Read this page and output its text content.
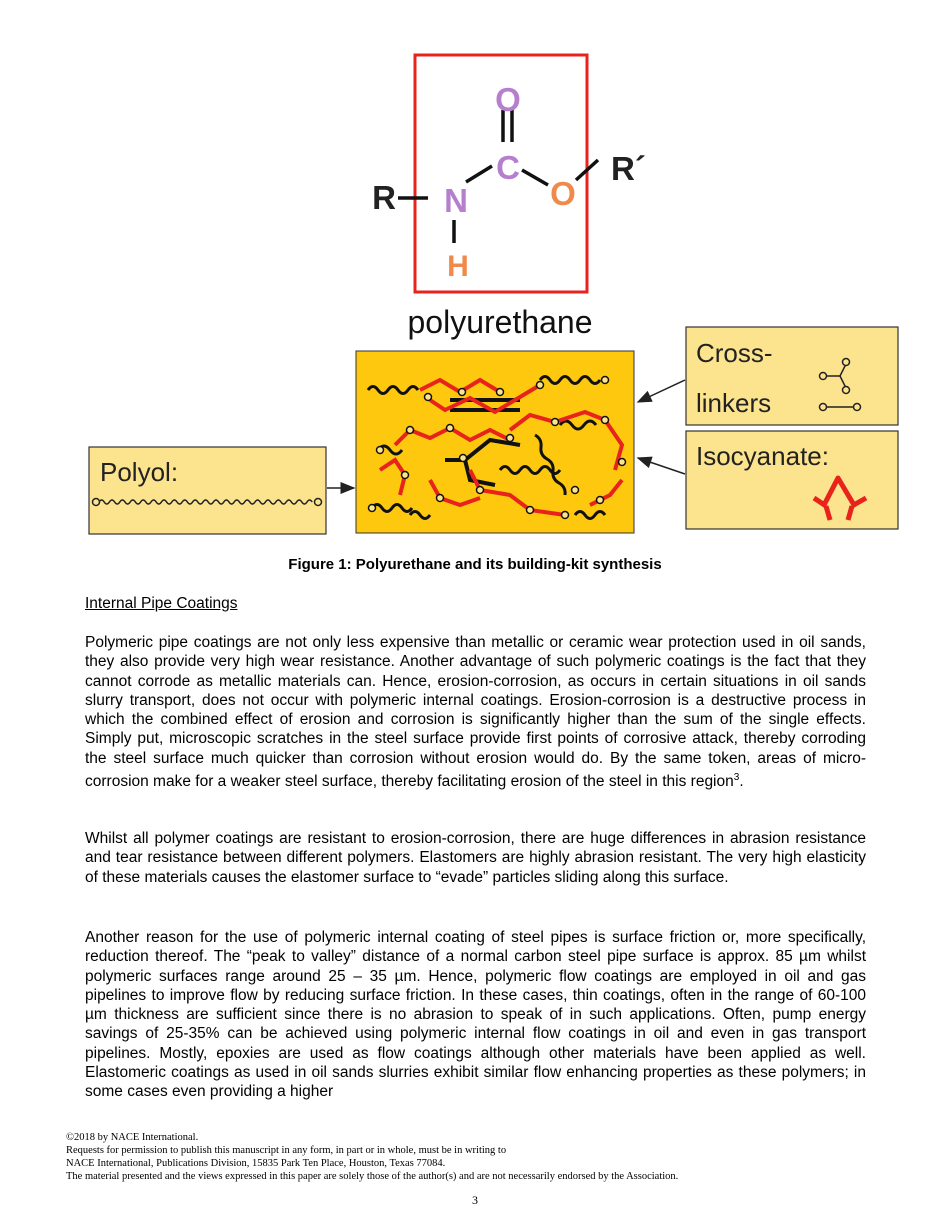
R N
H
C
O
O
R´
polyurethane
Cross-
linkers
Isocyanate:
Polyol:
Figure 1: Polyurethane and its building-kit synthesis
Internal Pipe Coatings

Polymeric pipe coatings are not only less expensive than metallic or ceramic wear protection used in oil sands, they also provide very high wear resistance. Another advantage of such polymeric coatings is the fact that they cannot corrode as metallic materials can. Hence, erosion-corrosion, as occurs in certain situations in oil sands slurry transport, does not occur with polymeric internal coatings. Erosion-corrosion is a destructive process in which the combined effect of erosion and corrosion is significantly higher than the sum of the single effects. Simply put, microscopic scratches in the steel surface provide first points of corrosive attack, thereby corroding the steel surface much quicker than corrosion without erosion would do. By the same token, areas of micro-corrosion make for a weaker steel surface, thereby facilitating erosion of the steel in this region$^3$.

Whilst all polymer coatings are resistant to erosion-corrosion, there are huge differences in abrasion resistance and tear resistance between different polymers. Elastomers are highly abrasion resistant. The very high elasticity of these materials causes the elastomer surface to “evade” particles sliding along this surface.

Another reason for the use of polymeric internal coating of steel pipes is surface friction or, more specifically, reduction thereof. The “peak to valley” distance of a normal carbon steel pipe surface is approx. 85 µm whilst polymeric surfaces range around 25 – 35 µm. Hence, polymeric flow coatings are employed in oil and gas pipelines to improve flow by reducing surface friction. In these cases, thin coatings, often in the range of 60-100 µm thickness are sufficient since there is no abrasion to speak of in such applications. Often, pump energy savings of 25-35% can be achieved using polymeric internal flow coatings in oil and even in gas transport pipelines. Mostly, epoxies are used as flow coatings although other materials have been applied as well. Elastomeric coatings as used in oil sands slurries exhibit similar flow enhancing properties as these polymers; in some cases even providing a higher

©2018 by NACE International.
Requests for permission to publish this manuscript in any form, in part or in whole, must be in writing to
NACE International, Publications Division, 15835 Park Ten Place, Houston, Texas 77084.
The material presented and the views expressed in this paper are solely those of the author(s) and are not necessarily endorsed by the Association.
3
